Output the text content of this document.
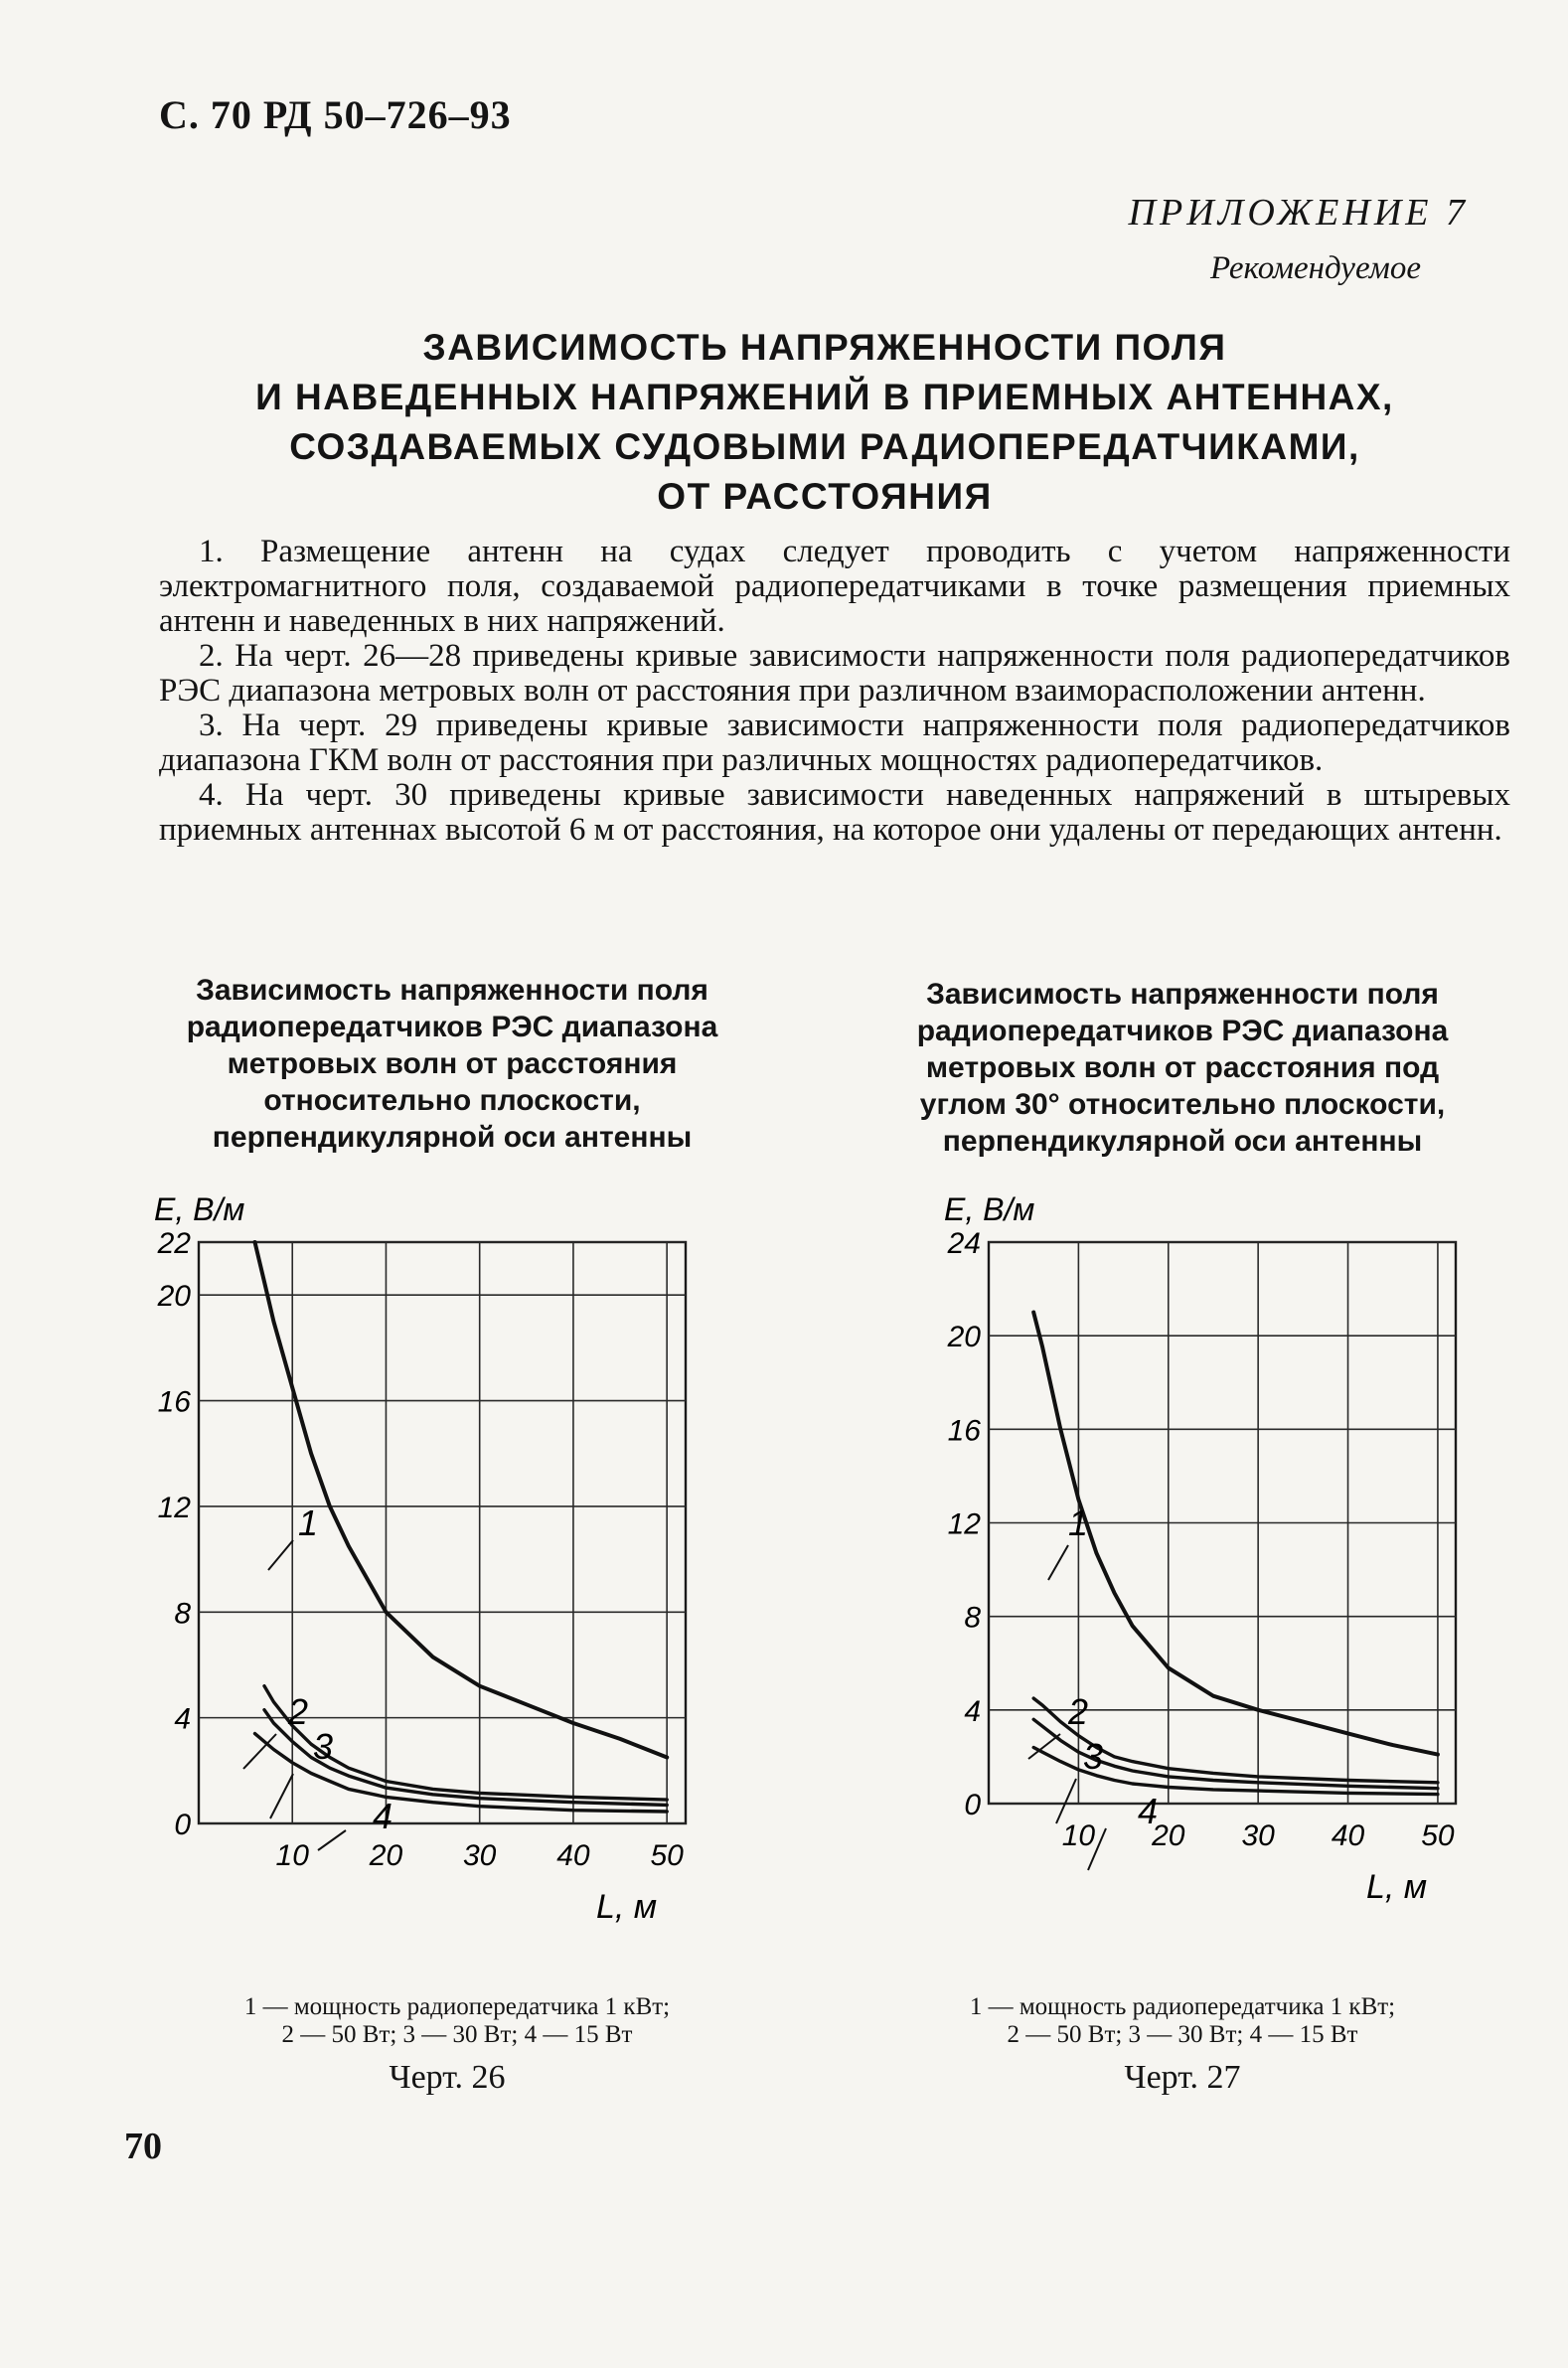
С. 70 РД 50–726–93
ПРИЛОЖЕНИЕ 7
Рекомендуемое
ЗАВИСИМОСТЬ НАПРЯЖЕННОСТИ ПОЛЯ
И НАВЕДЕННЫХ НАПРЯЖЕНИЙ В ПРИЕМНЫХ АНТЕННАХ,
СОЗДАВАЕМЫХ СУДОВЫМИ РАДИОПЕРЕДАТЧИКАМИ,
ОТ РАССТОЯНИЯ

1. Размещение антенн на судах следует проводить с учетом напряженности электромагнитного поля, создаваемой радиопередатчиками в точке размещения приемных антенн и наведенных в них напряжений.

2. На черт. 26—28 приведены кривые зависимости напряженности поля радиопередатчиков РЭС диапазона метровых волн от расстояния при различном взаиморасположении антенн.

3. На черт. 29 приведены кривые зависимости напряженности поля радиопередатчиков диапазона ГКМ волн от расстояния при различных мощностях радиопередатчиков.

4. На черт. 30 приведены кривые зависимости наведенных напряжений в штыревых приемных антеннах высотой 6 м от расстояния, на которое они удалены от передающих антенн.

Зависимость напряженности поля
радиопередатчиков РЭС диапазона
метровых волн от расстояния
относительно плоскости,
перпендикулярной оси антенны
Зависимость напряженности поля
радиопередатчиков РЭС диапазона
метровых волн от расстояния под
углом 30° относительно плоскости,
перпендикулярной оси антенны
10 20 30 40 50
0
4
8
12
16
20
22
E, В/м
L, м
1
2
3
4	10 20 30 40 50
0
4
8
12
16
20
24
E, В/м
L, м
1
2
3
4
1 — мощность радиопередатчика 1 кВт;
2 — 50 Вт; 3 — 30 Вт; 4 — 15 Вт
1 — мощность радиопередатчика 1 кВт;
2 — 50 Вт; 3 — 30 Вт; 4 — 15 Вт
Черт. 26	Черт. 27
70
